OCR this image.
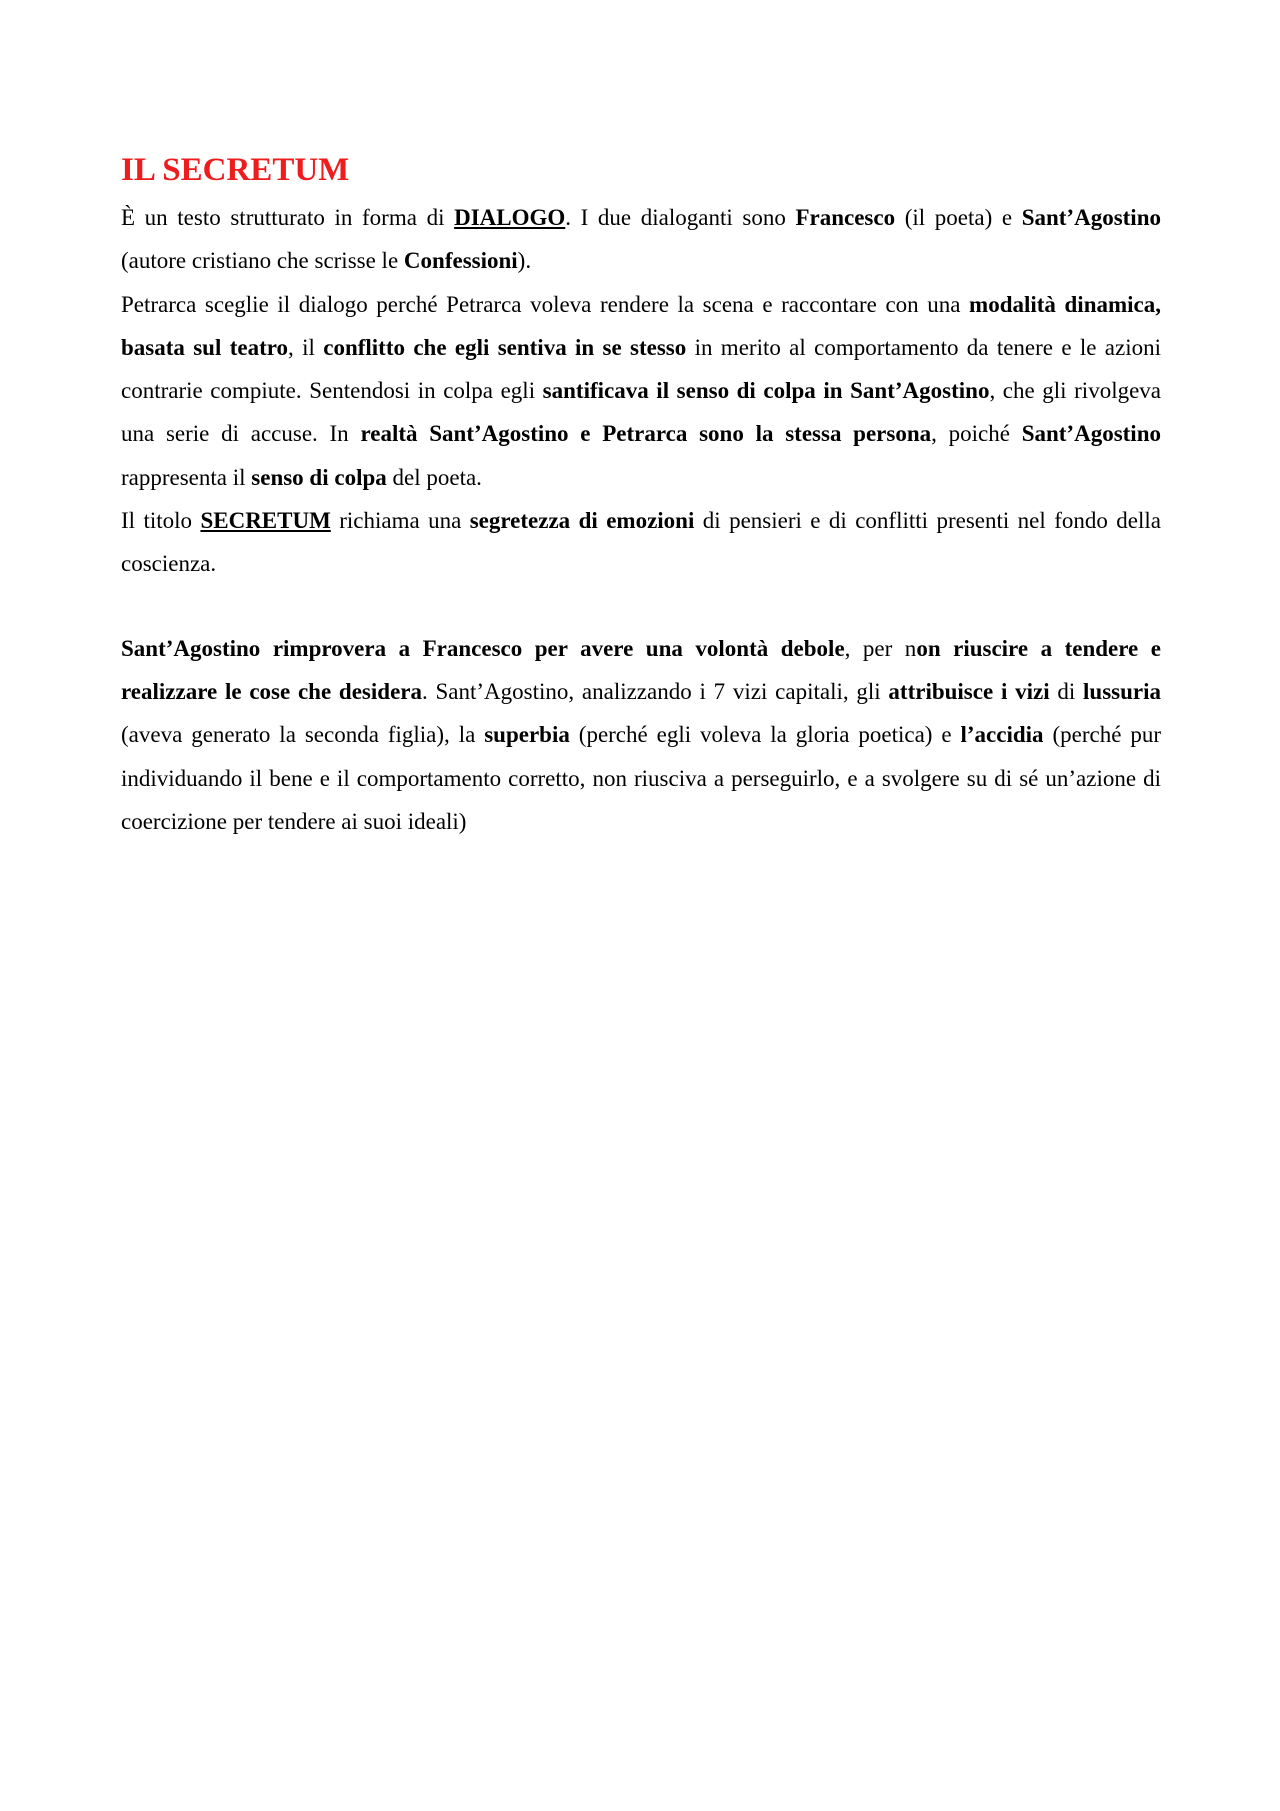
IL SECRETUM

È un testo strutturato in forma di DIALOGO. I due dialoganti sono Francesco (il poeta) e Sant’Agostino (autore cristiano che scrisse le Confessioni).

Petrarca sceglie il dialogo perché Petrarca voleva rendere la scena e raccontare con una modalità dinamica, basata sul teatro, il conflitto che egli sentiva in se stesso in merito al comportamento da tenere e le azioni contrarie compiute. Sentendosi in colpa egli santificava il senso di colpa in Sant’Agostino, che gli rivolgeva una serie di accuse. In realtà Sant’Agostino e Petrarca sono la stessa persona, poiché Sant’Agostino rappresenta il senso di colpa del poeta.

Il titolo SECRETUM richiama una segretezza di emozioni di pensieri e di conflitti presenti nel fondo della coscienza.

Sant’Agostino rimprovera a Francesco per avere una volontà debole, per non riuscire a tendere e realizzare le cose che desidera. Sant’Agostino, analizzando i 7 vizi capitali, gli attribuisce i vizi di lussuria (aveva generato la seconda figlia), la superbia (perché egli voleva la gloria poetica) e l’accidia (perché pur individuando il bene e il comportamento corretto, non riusciva a perseguirlo, e a svolgere su di sé un’azione di coercizione per tendere ai suoi ideali)
